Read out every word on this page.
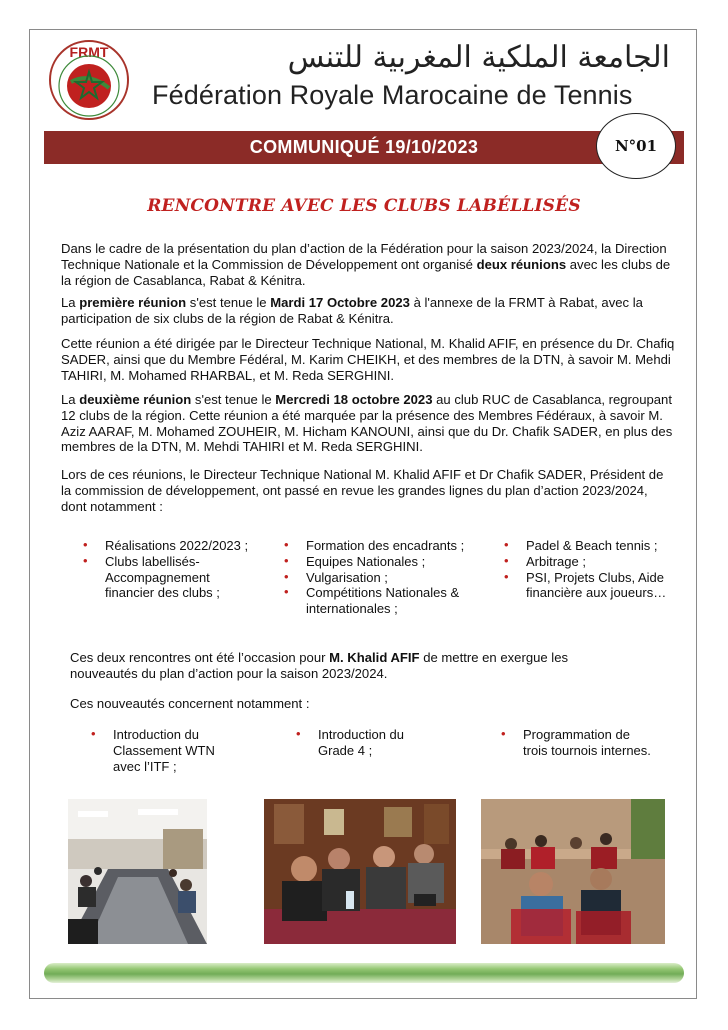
FRMT	الجامعة الملكية المغربية للتنس
Fédération Royale Marocaine de Tennis
COMMUNIQUÉ 19/10/2023	N°01
RENCONTRE AVEC LES CLUBS LABÉLLISÉS

Dans le cadre de la présentation du plan d’action de la Fédération pour la saison 2023/2024, la Direction Technique Nationale et la Commission de Développement ont organisé deux réunions avec les clubs de la région de Casablanca, Rabat & Kénitra.

La première réunion s'est tenue le Mardi 17 Octobre 2023 à l'annexe de la FRMT à Rabat, avec la participation de six clubs de la région de Rabat & Kénitra.

Cette réunion a été dirigée par le Directeur Technique National, M. Khalid AFIF, en présence du Dr. Chafiq SADER, ainsi que du Membre Fédéral, M. Karim CHEIKH, et des membres de la DTN, à savoir M. Mehdi TAHIRI, M. Mohamed RHARBAL, et M. Reda SERGHINI.

La deuxième réunion s'est tenue le Mercredi 18 octobre 2023 au club RUC de Casablanca, regroupant 12 clubs de la région. Cette réunion a été marquée par la présence des Membres Fédéraux, à savoir M. Aziz AARAF, M. Mohamed ZOUHEIR, M. Hicham KANOUNI, ainsi que du Dr. Chafik SADER, en plus des membres de la DTN, M. Mehdi TAHIRI et M. Reda SERGHINI.

Lors de ces réunions, le Directeur Technique National M. Khalid AFIF et Dr Chafik SADER, Président de la commission de développement, ont passé en revue les grandes lignes du plan d’action 2023/2024, dont notamment :

• Réalisations 2022/2023 ;
• Clubs labellisés-Accompagnement financier des clubs ;
• Formation des encadrants ;
• Equipes Nationales ;
• Vulgarisation ;
• Compétitions Nationales & internationales ;
• Padel & Beach tennis ;
• Arbitrage ;
• PSI, Projets Clubs, Aide financière aux joueurs…

Ces deux rencontres ont été l’occasion pour M. Khalid AFIF de mettre en exergue les nouveautés du plan d’action pour la saison 2023/2024.

Ces nouveautés concernent notamment :

• Introduction du Classement WTN avec l’ITF ;
• Introduction du Grade 4 ;
• Programmation de trois tournois internes.
